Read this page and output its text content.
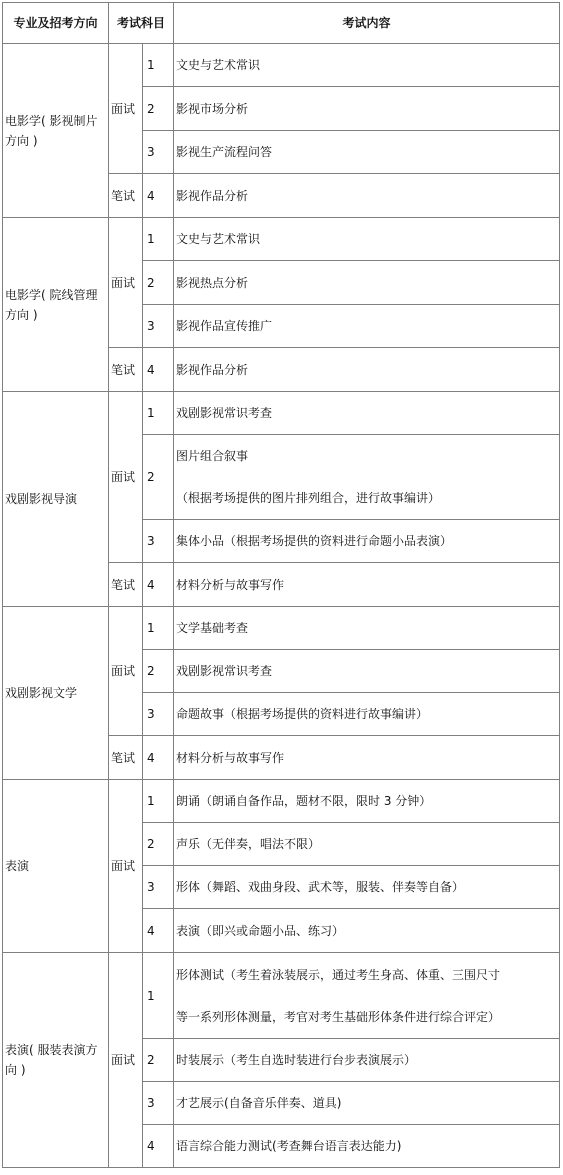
专业及招考方向	考试科目		考试内容

电影学( 影视制片
方向 )	面试	1	文史与艺术常识

		2	影视市场分析

		3	影视生产流程问答

	笔试	4	影视作品分析

电影学( 院线管理
方向 )	面试	1	文史与艺术常识

		2	影视热点分析

		3	影视作品宣传推广

	笔试	4	影视作品分析

戏剧影视导演	面试	1	戏剧影视常识考查

		2	图片组合叙事
（根据考场提供的图片排列组合，进行故事编讲）

		3	集体小品（根据考场提供的资料进行命题小品表演）

	笔试	4	材料分析与故事写作

戏剧影视文学	面试	1	文学基础考查

		2	戏剧影视常识考查

		3	命题故事（根据考场提供的资料进行故事编讲）

	笔试	4	材料分析与故事写作

表演	面试	1	朗诵（朗诵自备作品，题材不限，限时 3 分钟）

		2	声乐（无伴奏，唱法不限）

		3	形体（舞蹈、戏曲身段、武术等，服装、伴奏等自备）

		4	表演（即兴或命题小品、练习）

表演( 服装表演方
向 )	面试	1	形体测试（考生着泳装展示，通过考生身高、体重、三围尺寸
等一系列形体测量，考官对考生基础形体条件进行综合评定）

		2	时装展示（考生自选时装进行台步表演展示）

		3	才艺展示(自备音乐伴奏、道具)

		4	语言综合能力测试(考查舞台语言表达能力)
